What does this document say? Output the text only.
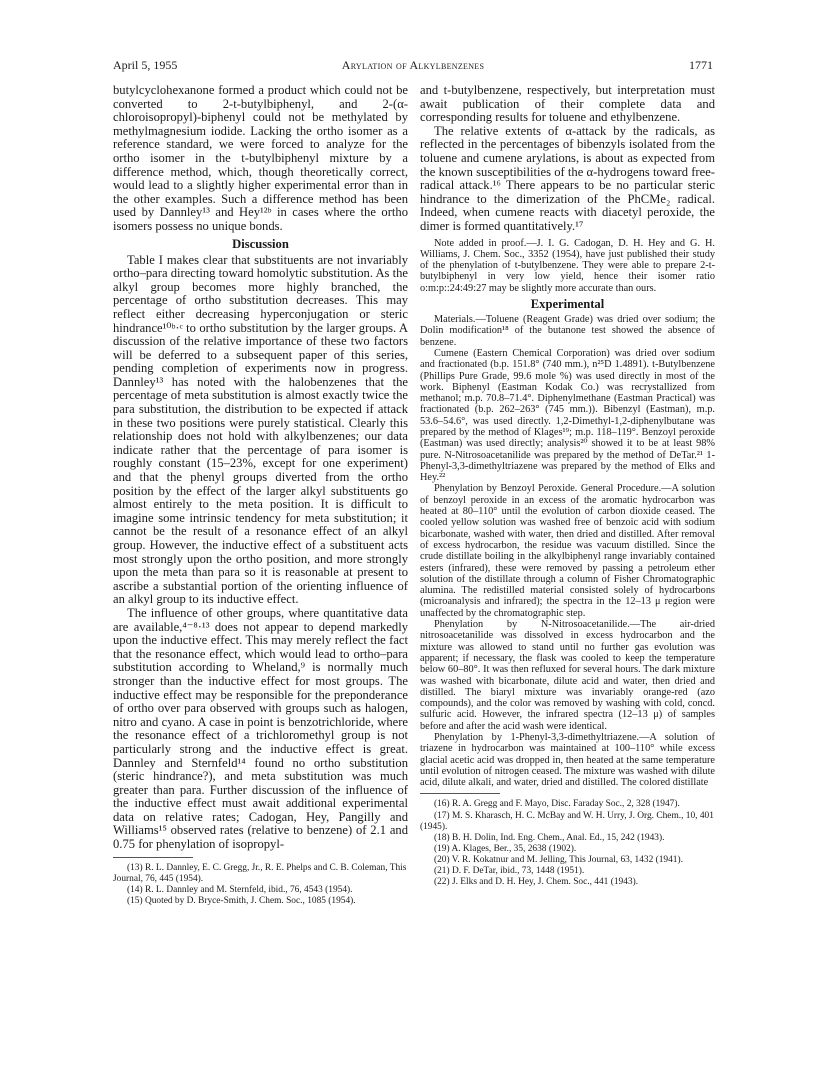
April 5, 1955	Arylation of Alkylbenzenes	1771

butylcyclohexanone formed a product which could not be converted to 2-t-butylbiphenyl, and 2-(α-chloroisopropyl)-biphenyl could not be methylated by methylmagnesium iodide. Lacking the ortho isomer as a reference standard, we were forced to analyze for the ortho isomer in the t-butylbiphenyl mixture by a difference method, which, though theoretically correct, would lead to a slightly higher experimental error than in the other examples. Such a difference method has been used by Dannley¹³ and Hey¹²ᵇ in cases where the ortho isomers possess no unique bonds.

Discussion

Table I makes clear that substituents are not invariably ortho–para directing toward homolytic substitution. As the alkyl group becomes more highly branched, the percentage of ortho substitution decreases. This may reflect either decreasing hyperconjugation or steric hindrance¹⁰ᵇ·ᶜ to ortho substitution by the larger groups. A discussion of the relative importance of these two factors will be deferred to a subsequent paper of this series, pending completion of experiments now in progress. Dannley¹³ has noted with the halobenzenes that the percentage of meta substitution is almost exactly twice the para substitution, the distribution to be expected if attack in these two positions were purely statistical. Clearly this relationship does not hold with alkylbenzenes; our data indicate rather that the percentage of para isomer is roughly constant (15–23%, except for one experiment) and that the phenyl groups diverted from the ortho position by the effect of the larger alkyl substituents go almost entirely to the meta position. It is difficult to imagine some intrinsic tendency for meta substitution; it cannot be the result of a resonance effect of an alkyl group. However, the inductive effect of a substituent acts most strongly upon the ortho position, and more strongly upon the meta than para so it is reasonable at present to ascribe a substantial portion of the orienting influence of an alkyl group to its inductive effect.

The influence of other groups, where quantitative data are available,⁴⁻⁸·¹³ does not appear to depend markedly upon the inductive effect. This may merely reflect the fact that the resonance effect, which would lead to ortho–para substitution according to Wheland,⁹ is normally much stronger than the inductive effect for most groups. The inductive effect may be responsible for the preponderance of ortho over para observed with groups such as halogen, nitro and cyano. A case in point is benzotrichloride, where the resonance effect of a trichloromethyl group is not particularly strong and the inductive effect is great. Dannley and Sternfeld¹⁴ found no ortho substitution (steric hindrance?), and meta substitution was much greater than para. Further discussion of the influence of the inductive effect must await additional experimental data on relative rates; Cadogan, Hey, Pangilly and Williams¹⁵ observed rates (relative to benzene) of 2.1 and 0.75 for phenylation of isopropyl-

(13) R. L. Dannley, E. C. Gregg, Jr., R. E. Phelps and C. B. Coleman, This Journal, 76, 445 (1954).

(14) R. L. Dannley and M. Sternfeld, ibid., 76, 4543 (1954).

(15) Quoted by D. Bryce-Smith, J. Chem. Soc., 1085 (1954).

and t-butylbenzene, respectively, but interpretation must await publication of their complete data and corresponding results for toluene and ethylbenzene.

The relative extents of α-attack by the radicals, as reflected in the percentages of bibenzyls isolated from the toluene and cumene arylations, is about as expected from the known susceptibilities of the α-hydrogens toward free-radical attack.¹⁶ There appears to be no particular steric hindrance to the dimerization of the PhCMe₂ radical. Indeed, when cumene reacts with diacetyl peroxide, the dimer is formed quantitatively.¹⁷

Note added in proof.—J. I. G. Cadogan, D. H. Hey and G. H. Williams, J. Chem. Soc., 3352 (1954), have just published their study of the phenylation of t-butylbenzene. They were able to prepare 2-t-butylbiphenyl in very low yield, hence their isomer ratio o:m:p::24:49:27 may be slightly more accurate than ours.

Experimental

Materials.—Toluene (Reagent Grade) was dried over sodium; the Dolin modification¹⁸ of the butanone test showed the absence of benzene.

Cumene (Eastern Chemical Corporation) was dried over sodium and fractionated (b.p. 151.8° (740 mm.), n²⁵D 1.4891). t-Butylbenzene (Phillips Pure Grade, 99.6 mole %) was used directly in most of the work. Biphenyl (Eastman Kodak Co.) was recrystallized from methanol; m.p. 70.8–71.4°. Diphenylmethane (Eastman Practical) was fractionated (b.p. 262–263° (745 mm.)). Bibenzyl (Eastman), m.p. 53.6–54.6°, was used directly. 1,2-Dimethyl-1,2-diphenylbutane was prepared by the method of Klages¹⁹; m.p. 118–119°. Benzoyl peroxide (Eastman) was used directly; analysis²⁰ showed it to be at least 98% pure. N-Nitrosoacetanilide was prepared by the method of DeTar.²¹ 1-Phenyl-3,3-dimethyltriazene was prepared by the method of Elks and Hey.²²

Phenylation by Benzoyl Peroxide. General Procedure.—A solution of benzoyl peroxide in an excess of the aromatic hydrocarbon was heated at 80–110° until the evolution of carbon dioxide ceased. The cooled yellow solution was washed free of benzoic acid with sodium bicarbonate, washed with water, then dried and distilled. After removal of excess hydrocarbon, the residue was vacuum distilled. Since the crude distillate boiling in the alkylbiphenyl range invariably contained esters (infrared), these were removed by passing a petroleum ether solution of the distillate through a column of Fisher Chromatographic alumina. The redistilled material consisted solely of hydrocarbons (microanalysis and infrared); the spectra in the 12–13 μ region were unaffected by the chromatographic step.

Phenylation by N-Nitrosoacetanilide.—The air-dried nitrosoacetanilide was dissolved in excess hydrocarbon and the mixture was allowed to stand until no further gas evolution was apparent; if necessary, the flask was cooled to keep the temperature below 60–80°. It was then refluxed for several hours. The dark mixture was washed with bicarbonate, dilute acid and water, then dried and distilled. The biaryl mixture was invariably orange-red (azo compounds), and the color was removed by washing with cold, concd. sulfuric acid. However, the infrared spectra (12–13 μ) of samples before and after the acid wash were identical.

Phenylation by 1-Phenyl-3,3-dimethyltriazene.—A solution of triazene in hydrocarbon was maintained at 100–110° while excess glacial acetic acid was dropped in, then heated at the same temperature until evolution of nitrogen ceased. The mixture was washed with dilute acid, dilute alkali, and water, dried and distilled. The colored distillate

(16) R. A. Gregg and F. Mayo, Disc. Faraday Soc., 2, 328 (1947).

(17) M. S. Kharasch, H. C. McBay and W. H. Urry, J. Org. Chem., 10, 401 (1945).

(18) B. H. Dolin, Ind. Eng. Chem., Anal. Ed., 15, 242 (1943).

(19) A. Klages, Ber., 35, 2638 (1902).

(20) V. R. Kokatnur and M. Jelling, This Journal, 63, 1432 (1941).

(21) D. F. DeTar, ibid., 73, 1448 (1951).

(22) J. Elks and D. H. Hey, J. Chem. Soc., 441 (1943).
